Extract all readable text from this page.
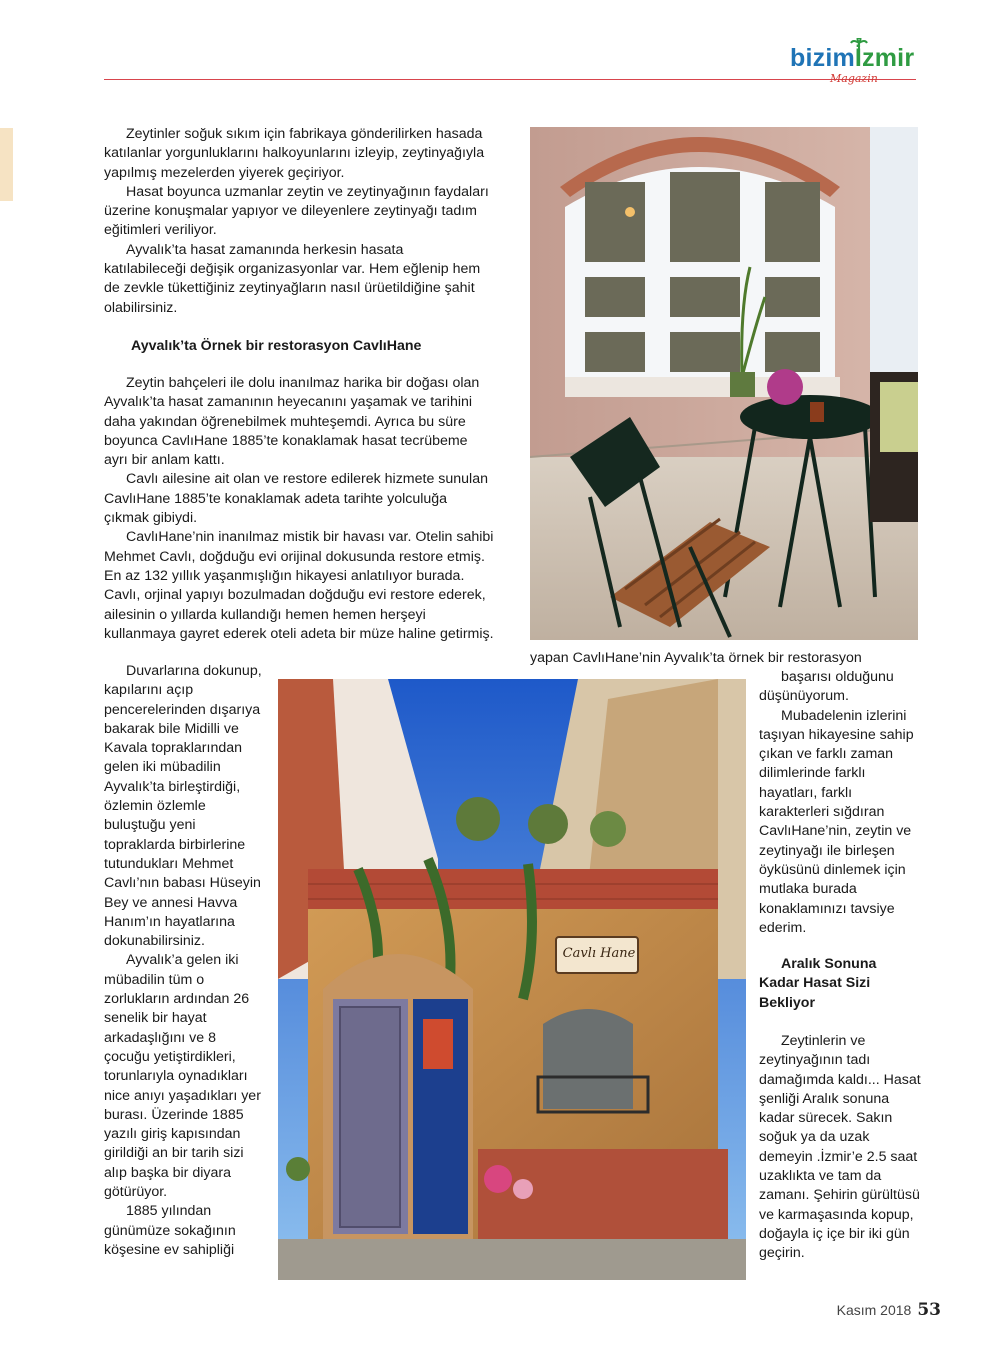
bizimİzmir
Magazin

Zeytinler soğuk sıkım için fabrikaya gönderilirken hasada katılanlar yorgunluklarını halkoyunlarını izleyip, zeytinyağıyla yapılmış mezelerden yiyerek geçiriyor.

Hasat boyunca uzmanlar zeytin ve zeytinyağının faydaları üzerine konuşmalar yapıyor ve dileyenlere zeytinyağı tadım eğitimleri veriliyor.

Ayvalık’ta hasat zamanında herkesin hasata katılabileceği değişik organizasyonlar var. Hem eğlenip hem de zevkle tükettiğiniz zeytinyağların nasıl ürüetildiğine şahit olabilirsiniz.

Ayvalık’ta Örnek bir restorasyon CavlıHane

Zeytin bahçeleri ile dolu inanılmaz harika bir doğası olan Ayvalık’ta hasat zamanının heyecanını yaşamak ve tarihini daha yakından öğrenebilmek muhteşemdi. Ayrıca bu süre boyunca CavlıHane 1885’te konaklamak hasat tecrübeme ayrı bir anlam kattı.

Cavlı ailesine ait olan ve restore edilerek hizmete sunulan CavlıHane 1885’te konaklamak adeta tarihte yolculuğa çıkmak gibiydi.

CavlıHane’nin inanılmaz mistik bir havası var. Otelin sahibi Mehmet Cavlı, doğduğu evi orijinal dokusunda restore etmiş. En az 132 yıllık yaşanmışlığın hikayesi anlatılıyor burada. Cavlı, orjinal yapıyı bozulmadan doğduğu evi restore ederek, ailesinin o yıllarda kullandığı hemen hemen herşeyi kullanmaya gayret ederek oteli adeta bir müze haline getirmiş.

Duvarlarına dokunup, kapılarını açıp pencerelerinden dışarıya bakarak bile Midilli ve Kavala topraklarından gelen iki mübadilin Ayvalık’ta birleştirdiği, özlemin özlemle buluştuğu yeni topraklarda birbirlerine tutundukları Mehmet Cavlı’nın babası Hüseyin Bey ve annesi Havva Hanım’ın hayatlarına dokunabilirsiniz.

Ayvalık’a gelen iki mübadilin tüm o zorlukların ardından 26 senelik bir hayat arkadaşlığını ve 8 çocuğu yetiştirdikleri, torunlarıyla oynadıkları nice anıyı yaşadıkları yer burası. Üzerinde 1885 yazılı giriş kapısından girildiği an bir tarih sizi alıp başka bir diyara götürüyor.

1885 yılından günümüze sokağının köşesine ev sahipliği

yapan CavlıHane’nin Ayvalık’ta örnek bir restorasyon

başarısı olduğunu düşünüyorum.

Mubadelenin izlerini taşıyan hikayesine sahip çıkan ve farklı zaman dilimlerinde farklı hayatları, farklı karakterleri sığdıran CavlıHane’nin, zeytin ve zeytinyağı ile birleşen öyküsünü dinlemek için mutlaka burada konaklamınızı tavsiye ederim.

Aralık Sonuna Kadar Hasat Sizi Bekliyor

Zeytinlerin ve zeytinyağının tadı damağımda kaldı... Hasat şenliği Aralık sonuna kadar sürecek. Sakın soğuk ya da uzak demeyin .İzmir’e 2.5 saat uzaklıkta ve tam da zamanı. Şehirin gürültüsü ve karmaşasında kopup, doğayla iç içe bir iki gün geçirin.

Cavlı Hane
Kasım 2018 53
